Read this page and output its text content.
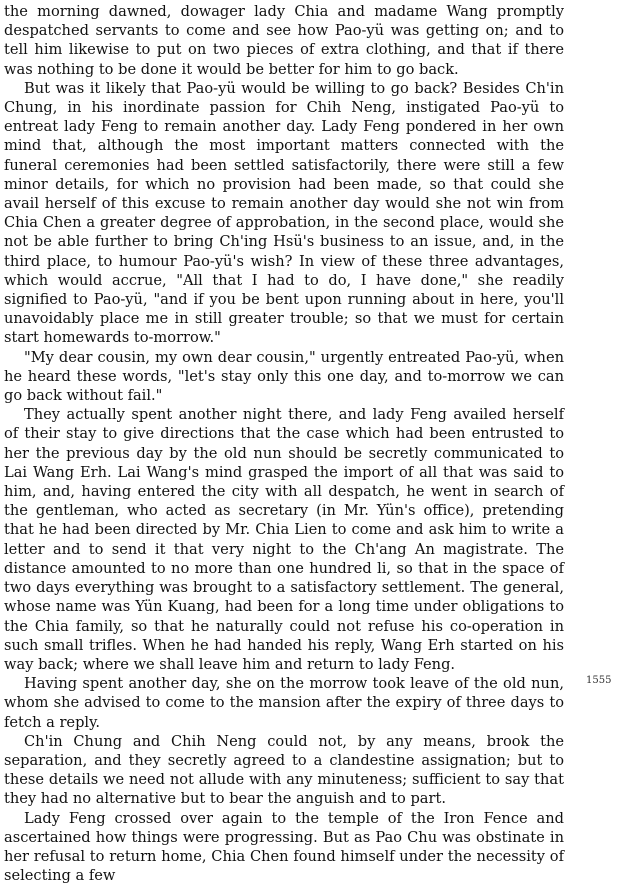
the morning dawned, dowager lady Chia and madame Wang promptly despatched servants to come and see how Pao-yü was getting on; and to tell him likewise to put on two pieces of extra clothing, and that if there was nothing to be done it would be better for him to go back.

But was it likely that Pao-yü would be willing to go back? Besides Ch'in Chung, in his inordinate passion for Chih Neng, instigated Pao-yü to entreat lady Feng to remain another day. Lady Feng pondered in her own mind that, although the most important matters connected with the funeral ceremonies had been settled satisfactorily, there were still a few minor details, for which no provision had been made, so that could she avail herself of this excuse to remain another day would she not win from Chia Chen a greater degree of approbation, in the second place, would she not be able further to bring Ch'ing Hsü's business to an issue, and, in the third place, to humour Pao-yü's wish? In view of these three advantages, which would accrue, "All that I had to do, I have done," she readily signified to Pao-yü, "and if you be bent upon running about in here, you'll unavoidably place me in still greater trouble; so that we must for certain start homewards to-morrow."

"My dear cousin, my own dear cousin," urgently entreated Pao-yü, when he heard these words, "let's stay only this one day, and to-morrow we can go back without fail."

They actually spent another night there, and lady Feng availed herself of their stay to give directions that the case which had been entrusted to her the previous day by the old nun should be secretly communicated to Lai Wang Erh. Lai Wang's mind grasped the import of all that was said to him, and, having entered the city with all despatch, he went in search of the gentleman, who acted as secretary (in Mr. Yün's office), pretending that he had been directed by Mr. Chia Lien to come and ask him to write a letter and to send it that very night to the Ch'ang An magistrate. The distance amounted to no more than one hundred li, so that in the space of two days everything was brought to a satisfactory settlement. The general, whose name was Yün Kuang, had been for a long time under obligations to the Chia family, so that he naturally could not refuse his co-operation in such small trifles. When he had handed his reply, Wang Erh started on his way back; where we shall leave him and return to lady Feng.

Having spent another day, she on the morrow took leave of the old nun, whom she advised to come to the mansion after the expiry of three days to fetch a reply.

Ch'in Chung and Chih Neng could not, by any means, brook the separation, and they secretly agreed to a clandestine assignation; but to these details we need not allude with any minuteness; sufficient to say that they had no alternative but to bear the anguish and to part.

Lady Feng crossed over again to the temple of the Iron Fence and ascertained how things were progressing. But as Pao Chu was obstinate in her refusal to return home, Chia Chen found himself under the necessity of selecting a few

1555
